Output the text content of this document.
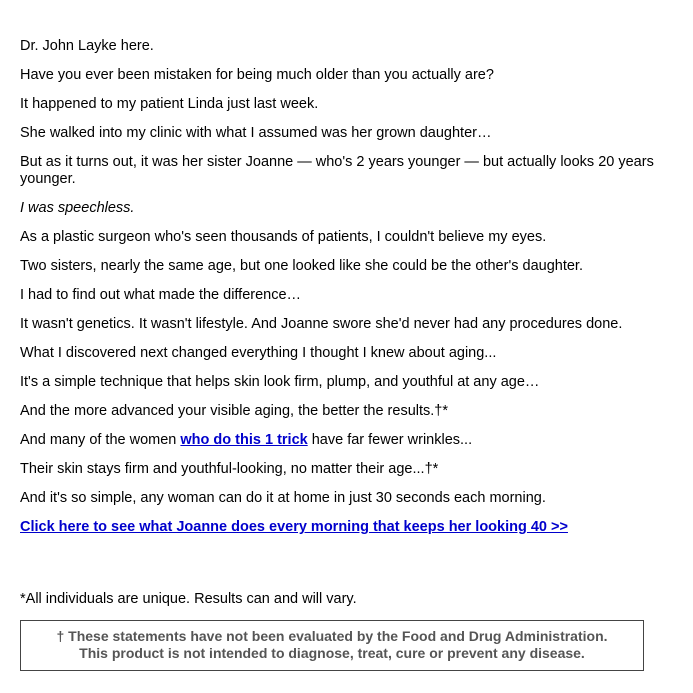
Dr. John Layke here.

Have you ever been mistaken for being much older than you actually are?

It happened to my patient Linda just last week.

She walked into my clinic with what I assumed was her grown daughter…

But as it turns out, it was her sister Joanne — who's 2 years younger — but actually looks 20 years younger.

I was speechless.

As a plastic surgeon who's seen thousands of patients, I couldn't believe my eyes.

Two sisters, nearly the same age, but one looked like she could be the other's daughter.

I had to find out what made the difference…

It wasn't genetics. It wasn't lifestyle. And Joanne swore she'd never had any procedures done.

What I discovered next changed everything I thought I knew about aging...

It's a simple technique that helps skin look firm, plump, and youthful at any age…

And the more advanced your visible aging, the better the results.†*

And many of the women who do this 1 trick have far fewer wrinkles...

Their skin stays firm and youthful-looking, no matter their age...†*

And it's so simple, any woman can do it at home in just 30 seconds each morning.

Click here to see what Joanne does every morning that keeps her looking 40 >>

*All individuals are unique. Results can and will vary.

† These statements have not been evaluated by the Food and Drug Administration.
This product is not intended to diagnose, treat, cure or prevent any disease.
